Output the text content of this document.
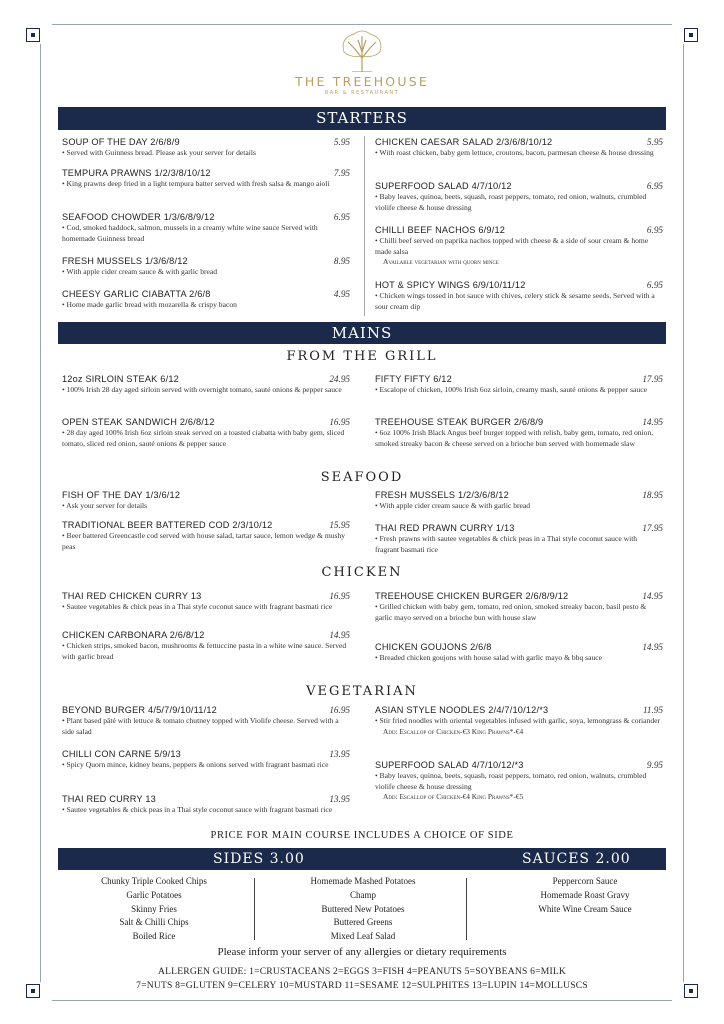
THE TREEHOUSE
BAR & RESTAURANT
STARTERS
SOUP OF THE DAY 2/6/8/9	5.95
• Served with Guinness bread. Please ask your server for details
TEMPURA PRAWNS 1/2/3/8/10/12	7.95
• King prawns deep fried in a light tempura batter served with fresh salsa & mango aioli
SEAFOOD CHOWDER 1/3/6/8/9/12	6.95
• Cod, smoked haddock, salmon, mussels in a creamy white wine sauce Served with homemade Guinness bread
FRESH MUSSELS 1/3/6/8/12	8.95
• With apple cider cream sauce & with garlic bread
CHEESY GARLIC CIABATTA 2/6/8	4.95
• Home made garlic bread with mozarella & crispy bacon
CHICKEN CAESAR SALAD 2/3/6/8/10/12	5.95
• With roast chicken, baby gem lettuce, croutons, bacon, parmesan cheese & house dressing
SUPERFOOD SALAD 4/7/10/12	6.95
• Baby leaves, quinoa, beets, squash, roast peppers, tomato, red onion, walnuts, crumbled violife cheese & house dressing
CHILLI BEEF NACHOS 6/9/12	6.95
• Chilli beef served on paprika nachos topped with cheese & a side of sour cream & home made salsa
Available vegetarian with quorn mince
HOT & SPICY WINGS 6/9/10/11/12	6.95
• Chicken wings tossed in hot sauce with chives, celery stick & sesame seeds, Served with a sour cream dip
MAINS
FROM THE GRILL
12oz SIRLOIN STEAK 6/12	24.95
• 100% Irish 28 day aged sirloin served with overnight tomato, sauté onions & pepper sauce
OPEN STEAK SANDWICH 2/6/8/12	16.95
• 28 day aged 100% Irish 6oz sirloin steak served on a toasted ciabatta with baby gem, sliced tomato, sliced red onion, sauté onions & pepper sauce
FIFTY FIFTY 6/12	17.95
• Escalope of chicken, 100% Irish 6oz sirloin, creamy mash, sauté onions & pepper sauce
TREEHOUSE STEAK BURGER 2/6/8/9	14.95
• 6oz 100% Irish Black Angus beef burger topped with relish, baby gem, tomato, red onion, smoked streaky bacon & cheese served on a brioche bun served with homemade slaw
SEAFOOD
FISH OF THE DAY 1/3/6/12
• Ask your server for details
TRADITIONAL BEER BATTERED COD 2/3/10/12	15.95
• Beer battered Greencastle cod served with house salad, tartar sauce, lemon wedge & mushy peas
FRESH MUSSELS 1/2/3/6/8/12	18.95
• With apple cider cream sauce & with garlic bread
THAI RED PRAWN CURRY 1/13	17.95
• Fresh prawns with sautee vegetables & chick peas in a Thai style coconut sauce with fragrant basmati rice
CHICKEN
THAI RED CHICKEN CURRY 13	16.95
• Sautee vegetables & chick peas in a Thai style coconut sauce with fragrant basmati rice
CHICKEN CARBONARA 2/6/8/12	14.95
• Chicken strips, smoked bacon, mushrooms & fettuccine pasta in a white wine sauce. Served with garlic bread
TREEHOUSE CHICKEN BURGER 2/6/8/9/12	14.95
• Grilled chicken with baby gem, tomato, red onion, smoked streaky bacon, basil pesto & garlic mayo served on a brioche bun with house slaw
CHICKEN GOUJONS 2/6/8	14.95
• Breaded chicken goujons with house salad with garlic mayo & bbq sauce
VEGETARIAN
BEYOND BURGER 4/5/7/9/10/11/12	16.95
• Plant based pâté with lettuce & tomato chutney topped with Violife cheese. Served with a side salad
CHILLI CON CARNE 5/9/13	13.95
• Spicy Quorn mince, kidney beans, peppers & onions served with fragrant basmati rice
THAI RED CURRY 13	13.95
• Sautee vegetables & chick peas in a Thai style coconut sauce with fragrant basmati rice
ASIAN STYLE NOODLES 2/4/7/10/12/*3	11.95
• Stir fried noodles with oriental vegetables infused with garlic, soya, lemongrass & coriander
Add: Escallop of Chicken-€3 King Prawns*-€4
SUPERFOOD SALAD 4/7/10/12/*3	9.95
• Baby leaves, quinoa, beets, squash, roast peppers, tomato, red onion, walnuts, crumbled violife cheese & house dressing
Add: Escallop of Chicken-€4 King Prawns*-€5
PRICE FOR MAIN COURSE INCLUDES A CHOICE OF SIDE
SIDES 3.00	SAUCES 2.00
Chunky Triple Cooked Chips
Garlic Potatoes
Skinny Fries
Salt & Chilli Chips
Boiled Rice
Homemade Mashed Potatoes
Champ
Buttered New Potatoes
Buttered Greens
Mixed Leaf Salad
Peppercorn Sauce
Homemade Roast Gravy
White Wine Cream Sauce
Please inform your server of any allergies or dietary requirements
ALLERGEN GUIDE: 1=CRUSTACEANS 2=EGGS 3=FISH 4=PEANUTS 5=SOYBEANS 6=MILK
7=NUTS 8=GLUTEN 9=CELERY 10=MUSTARD 11=SESAME 12=SULPHITES 13=LUPIN 14=MOLLUSCS
